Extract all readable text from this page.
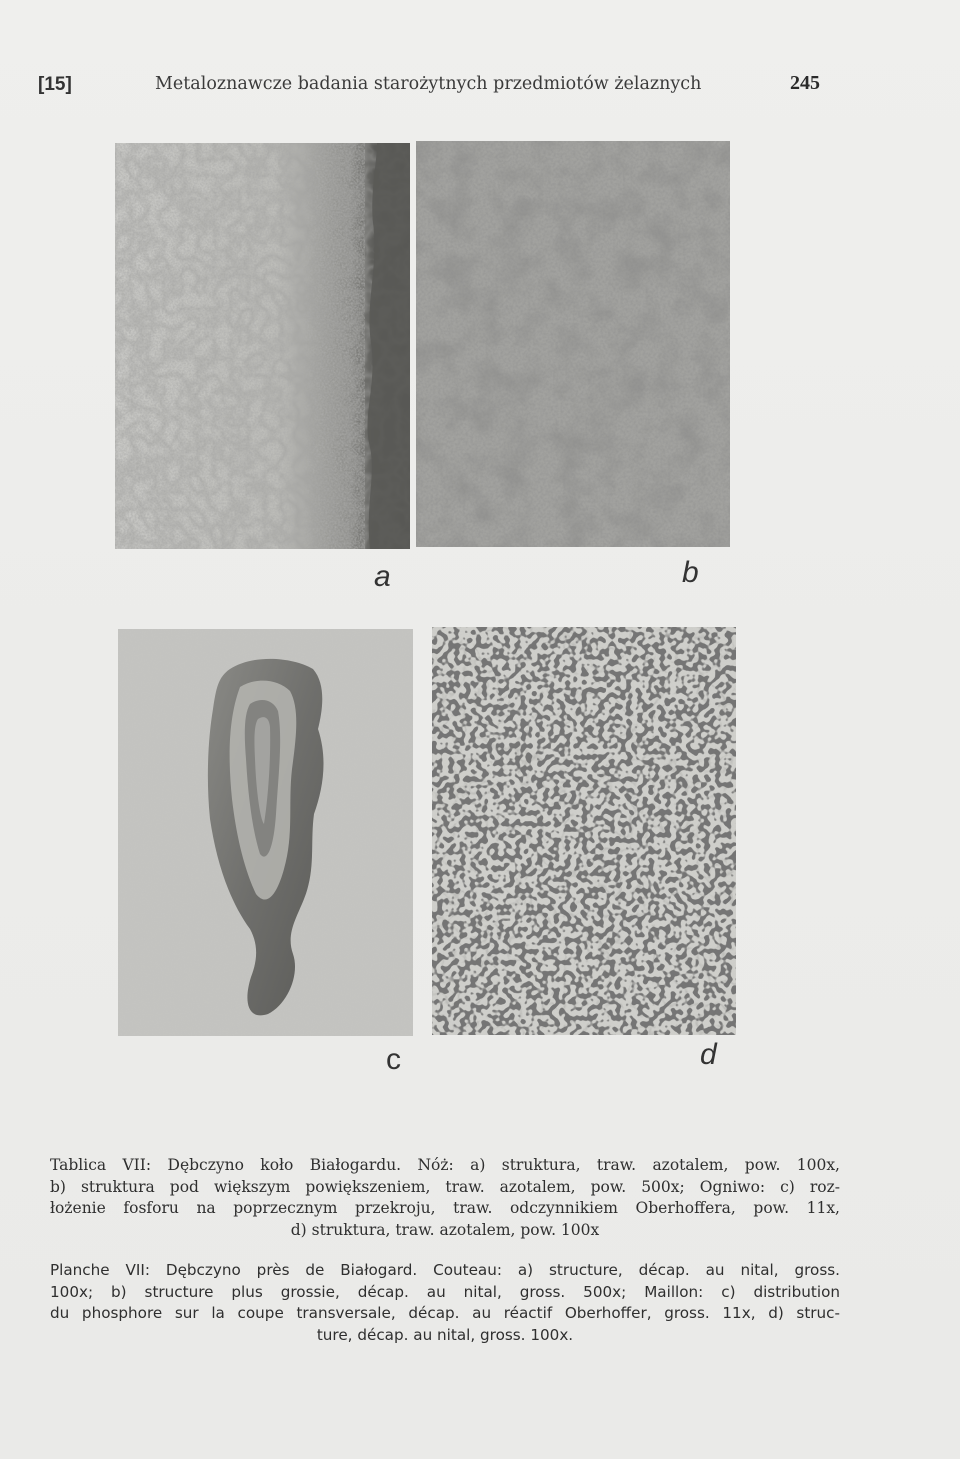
[15]	Metaloznawcze badania starożytnych przedmiotów żelaznych	245
a	b
c	d

Tablica VII: Dębczyno koło Białogardu. Nóż: a) struktura, traw. azotalem, pow. 100x,

b) struktura pod większym powiększeniem, traw. azotalem, pow. 500x; Ogniwo: c) roz-

łożenie fosforu na poprzecznym przekroju, traw. odczynnikiem Oberhoffera, pow. 11x,

d) struktura, traw. azotalem, pow. 100x

Planche VII: Dębczyno près de Białogard. Couteau: a) structure, décap. au nital, gross.

100x; b) structure plus grossie, décap. au nital, gross. 500x; Maillon: c) distribution

du phosphore sur la coupe transversale, décap. au réactif Oberhoffer, gross. 11x, d) struc-

ture, décap. au nital, gross. 100x.
